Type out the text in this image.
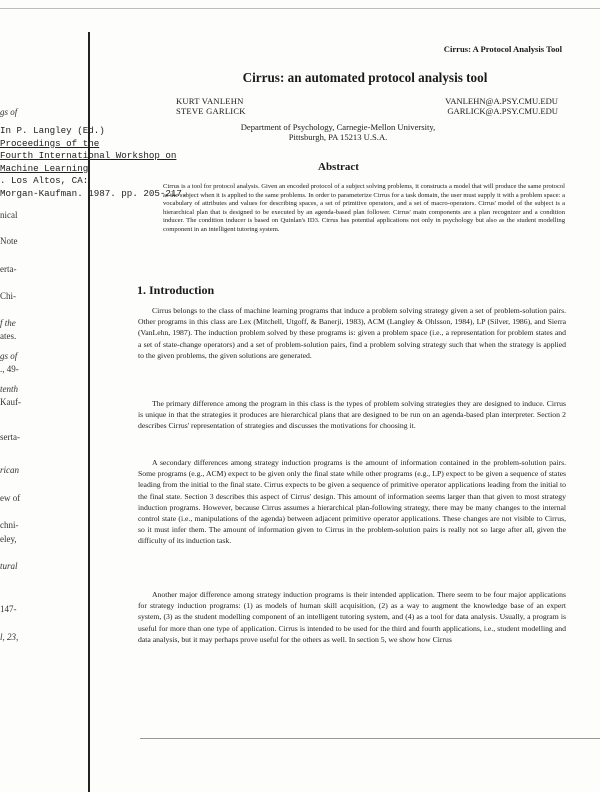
gs of
nical
Note
erta-
Chi-
f the
ates.
gs of
., 49-
tenth
Kauf-
serta-
rican
ew of
chni-
eley,
tural
147-
l, 23,
In P. Langley (Ed.)
Proceedings of the
Fourth International Workshop on
Machine Learning
. Los Altos, CA:
Morgan-Kaufman. 1987. pp. 205-217.
Cirrus: A Protocol Analysis Tool
Cirrus: an automated protocol analysis tool
KURT VANLEHN
STEVE GARLICK
VANLEHN@A.PSY.CMU.EDU
GARLICK@A.PSY.CMU.EDU
Department of Psychology, Carnegie-Mellon University,
Pittsburgh, PA 15213 U.S.A.
Abstract

Cirrus is a tool for protocol analysis. Given an encoded protocol of a subject solving problems, it constructs a model that will produce the same protocol as the subject when it is applied to the same problems. In order to parameterize Cirrus for a task domain, the user must supply it with a problem space: a vocabulary of attributes and values for describing spaces, a set of primitive operators, and a set of macro-operators. Cirrus' model of the subject is a hierarchical plan that is designed to be executed by an agenda-based plan follower. Cirrus' main components are a plan recognizer and a condition inducer. The condition inducer is based on Quinlan's ID3. Cirrus has potential applications not only in psychology but also as the student modelling component in an intelligent tutoring system.

1. Introduction

Cirrus belongs to the class of machine learning programs that induce a problem solving strategy given a set of problem-solution pairs. Other programs in this class are Lex (Mitchell, Utgoff, & Banerji, 1983), ACM (Langley & Ohlsson, 1984), LP (Silver, 1986), and Sierra (VanLehn, 1987). The induction problem solved by these programs is: given a problem space (i.e., a representation for problem states and a set of state-change operators) and a set of problem-solution pairs, find a problem solving strategy such that when the strategy is applied to the given problems, the given solutions are generated.

The primary difference among the program in this class is the types of problem solving strategies they are designed to induce. Cirrus is unique in that the strategies it produces are hierarchical plans that are designed to be run on an agenda-based plan interpreter. Section 2 describes Cirrus' representation of strategies and discusses the motivations for choosing it.

A secondary differences among strategy induction programs is the amount of information contained in the problem-solution pairs. Some programs (e.g., ACM) expect to be given only the final state while other programs (e.g., LP) expect to be given a sequence of states leading from the initial to the final state. Cirrus expects to be given a sequence of primitive operator applications leading from the initial to the final state. Section 3 describes this aspect of Cirrus' design. This amount of information seems larger than that given to most strategy induction programs. However, because Cirrus assumes a hierarchical plan-following strategy, there may be many changes to the internal control state (i.e., manipulations of the agenda) between adjacent primitive operator applications. These changes are not visible to Cirrus, so it must infer them. The amount of information given to Cirrus in the problem-solution pairs is really not so large after all, given the difficulty of its induction task.

Another major difference among strategy induction programs is their intended application. There seem to be four major applications for strategy induction programs: (1) as models of human skill acquisition, (2) as a way to augment the knowledge base of an expert system, (3) as the student modelling component of an intelligent tutoring system, and (4) as a tool for data analysis. Usually, a program is useful for more than one type of application. Cirrus is intended to be used for the third and fourth applications, i.e., student modelling and data analysis, but it may perhaps prove useful for the others as well. In section 5, we show how Cirrus
